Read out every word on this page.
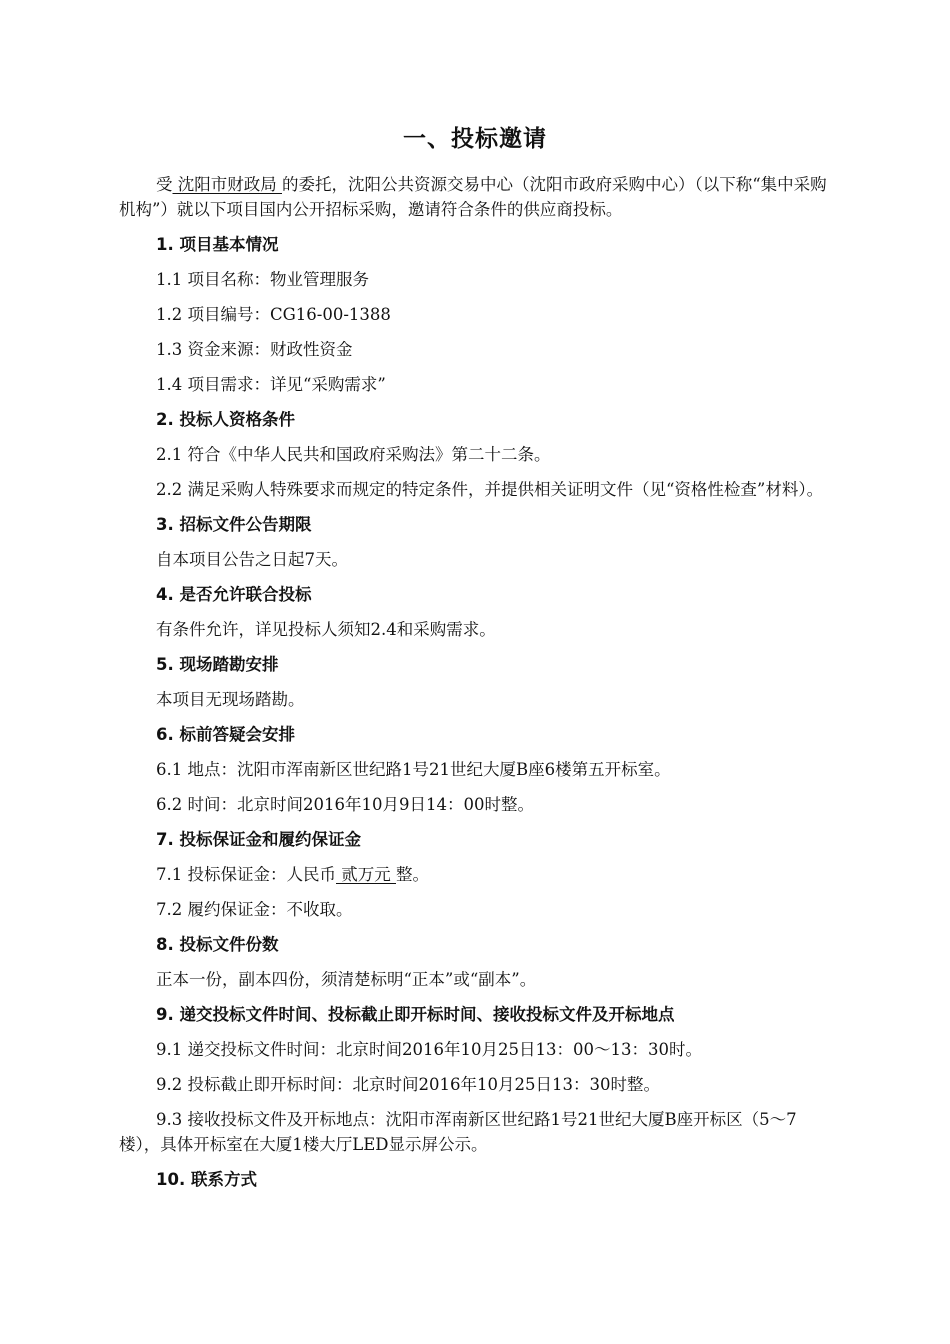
一、投标邀请

受 沈阳市财政局 的委托，沈阳公共资源交易中心（沈阳市政府采购中心）（以下称“集中采购机构”）就以下项目国内公开招标采购，邀请符合条件的供应商投标。

1. 项目基本情况
1.1 项目名称：物业管理服务
1.2 项目编号：CG16-00-1388
1.3 资金来源：财政性资金
1.4 项目需求：详见“采购需求”
2. 投标人资格条件
2.1 符合《中华人民共和国政府采购法》第二十二条。
2.2 满足采购人特殊要求而规定的特定条件，并提供相关证明文件（见“资格性检查”材料）。
3. 招标文件公告期限
自本项目公告之日起7天。
4. 是否允许联合投标
有条件允许，详见投标人须知2.4和采购需求。
5. 现场踏勘安排
本项目无现场踏勘。
6. 标前答疑会安排
6.1 地点：沈阳市浑南新区世纪路1号21世纪大厦B座6楼第五开标室。
6.2 时间：北京时间2016年10月9日14：00时整。
7. 投标保证金和履约保证金
7.1 投标保证金：人民币 贰万元 整。
7.2 履约保证金：不收取。
8. 投标文件份数
正本一份，副本四份，须清楚标明“正本”或“副本”。
9. 递交投标文件时间、投标截止即开标时间、接收投标文件及开标地点
9.1 递交投标文件时间：北京时间2016年10月25日13：00～13：30时。
9.2 投标截止即开标时间：北京时间2016年10月25日13：30时整。
9.3 接收投标文件及开标地点：沈阳市浑南新区世纪路1号21世纪大厦B座开标区（5～7楼），具体开标室在大厦1楼大厅LED显示屏公示。
10. 联系方式
